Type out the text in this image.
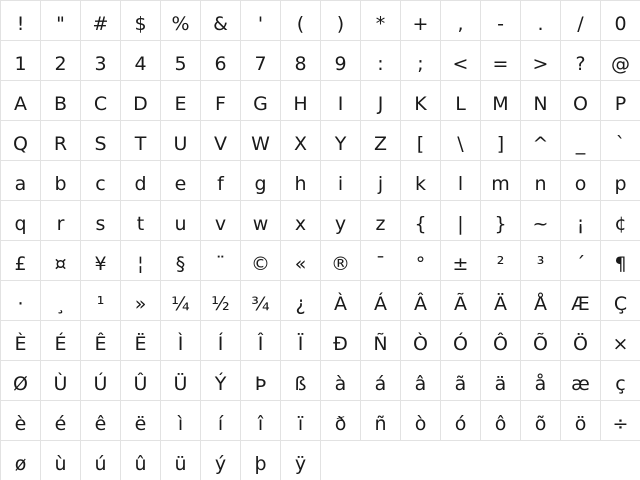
! " # $ % & ' ( ) * + , - . / 0
1 2 3 4 5 6 7 8 9 : ; < = > ? @
A B C D E F G H I J K L M N O P
Q R S T U V W X Y Z [ \ ] ^ _ `
a b c d e f g h i j k l m n o p
q r s t u v w x y z { | } ~ ¡ ¢
£ ¤ ¥ ¦ § ¨ © « ® ¯ ° ± ² ³ ´ ¶
· ¸ ¹ » ¼ ½ ¾ ¿ À Á Â Ã Ä Å Æ Ç
È É Ê Ë Ì Í Î Ï Ð Ñ Ò Ó Ô Õ Ö ×
Ø Ù Ú Û Ü Ý Þ ß à á â ã ä å æ ç
è é ê ë ì í î ï ð ñ ò ó ô õ ö ÷
ø ù ú û ü ý þ ÿ
